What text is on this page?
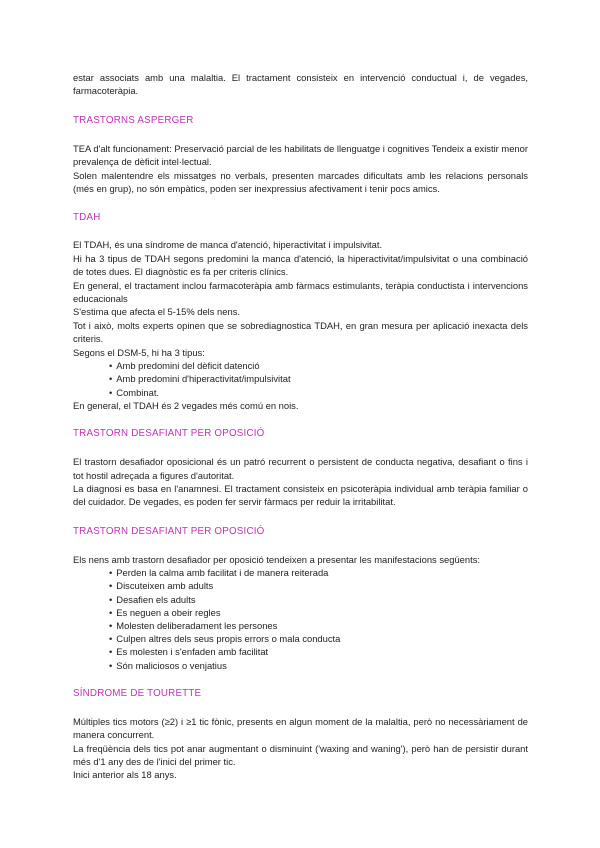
estar associats amb una malaltia. El tractament consisteix en intervenció conductual i, de vegades, farmacoteràpia.

TRASTORNS ASPERGER

TEA d'alt funcionament: Preservació parcial de les habilitats de llenguatge i cognitives Tendeix a existir menor prevalença de dèficit intel·lectual.

Solen malentendre els missatges no verbals, presenten marcades dificultats amb les relacions personals (més en grup), no són empàtics, poden ser inexpressius afectivament i tenir pocs amics.

TDAH

El TDAH, és una síndrome de manca d'atenció, hiperactivitat i impulsivitat.

Hi ha 3 tipus de TDAH segons predomini la manca d'atenció, la hiperactivitat/impulsivitat o una combinació de totes dues. El diagnòstic es fa per criteris clínics.

En general, el tractament inclou farmacoteràpia amb fàrmacs estimulants, teràpia conductista i intervencions educacionals

S'estima que afecta el 5-15% dels nens.

Tot i això, molts experts opinen que se sobrediagnostica TDAH, en gran mesura per aplicació inexacta dels criteris.

Segons el DSM-5, hi ha 3 tipus:

• Amb predomini del dèficit datenció
• Amb predomini d'hiperactivitat/impulsivitat
• Combinat.

En general, el TDAH és 2 vegades més comú en nois.

TRASTORN DESAFIANT PER OPOSICIÓ

El trastorn desafiador oposicional és un patró recurrent o persistent de conducta negativa, desafiant o fins i tot hostil adreçada a figures d'autoritat.

La diagnosi es basa en l'anamnesi. El tractament consisteix en psicoteràpia individual amb teràpia familiar o del cuidador. De vegades, es poden fer servir fàrmacs per reduir la irritabilitat.

TRASTORN DESAFIANT PER OPOSICIÓ

Els nens amb trastorn desafiador per oposició tendeixen a presentar les manifestacions següents:

• Perden la calma amb facilitat i de manera reiterada
• Discuteixen amb adults
• Desafien els adults
• Es neguen a obeir regles
• Molesten deliberadament les persones
• Culpen altres dels seus propis errors o mala conducta
• Es molesten i s'enfaden amb facilitat
• Són maliciosos o venjatius
SÍNDROME DE TOURETTE

Múltiples tics motors (≥2) i ≥1 tic fònic, presents en algun moment de la malaltia, però no necessàriament de manera concurrent.

La freqüència dels tics pot anar augmentant o disminuint ('waxing and waning'), però han de persistir durant més d'1 any des de l'inici del primer tic.

Inici anterior als 18 anys.
